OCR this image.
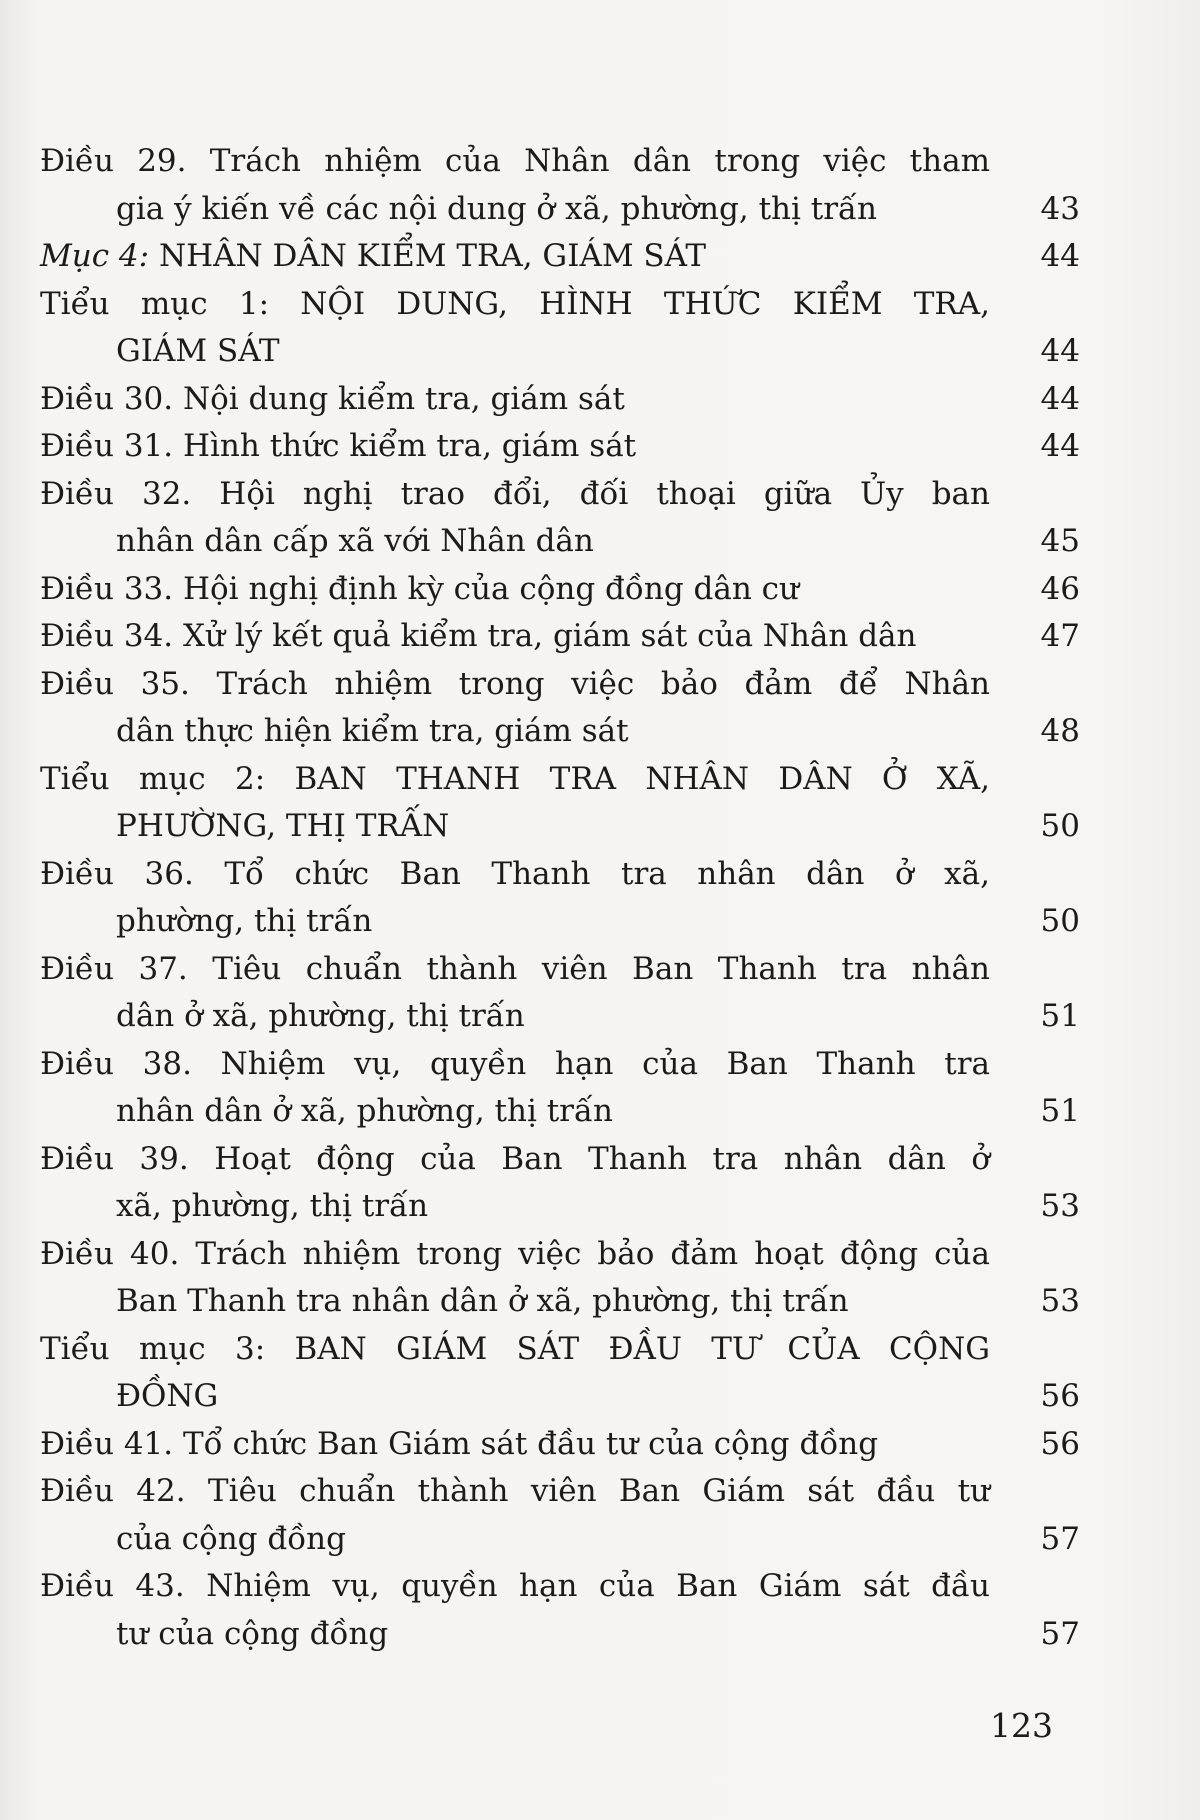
Điều 29. Trách nhiệm của Nhân dân trong việc tham
gia ý kiến về các nội dung ở xã, phường, thị trấn	43
Mục 4: NHÂN DÂN KIỂM TRA, GIÁM SÁT	44
Tiểu mục 1: NỘI DUNG, HÌNH THỨC KIỂM TRA,
GIÁM SÁT	44
Điều 30. Nội dung kiểm tra, giám sát	44
Điều 31. Hình thức kiểm tra, giám sát	44
Điều 32. Hội nghị trao đổi, đối thoại giữa Ủy ban
nhân dân cấp xã với Nhân dân	45
Điều 33. Hội nghị định kỳ của cộng đồng dân cư	46
Điều 34. Xử lý kết quả kiểm tra, giám sát của Nhân dân	47
Điều 35. Trách nhiệm trong việc bảo đảm để Nhân
dân thực hiện kiểm tra, giám sát	48
Tiểu mục 2: BAN THANH TRA NHÂN DÂN Ở XÃ,
PHƯỜNG, THỊ TRẤN	50
Điều 36. Tổ chức Ban Thanh tra nhân dân ở xã,
phường, thị trấn	50
Điều 37. Tiêu chuẩn thành viên Ban Thanh tra nhân
dân ở xã, phường, thị trấn	51
Điều 38. Nhiệm vụ, quyền hạn của Ban Thanh tra
nhân dân ở xã, phường, thị trấn	51
Điều 39. Hoạt động của Ban Thanh tra nhân dân ở
xã, phường, thị trấn	53
Điều 40. Trách nhiệm trong việc bảo đảm hoạt động của
Ban Thanh tra nhân dân ở xã, phường, thị trấn	53
Tiểu mục 3: BAN GIÁM SÁT ĐẦU TƯ CỦA CỘNG
ĐỒNG	56
Điều 41. Tổ chức Ban Giám sát đầu tư của cộng đồng	56
Điều 42. Tiêu chuẩn thành viên Ban Giám sát đầu tư
của cộng đồng	57
Điều 43. Nhiệm vụ, quyền hạn của Ban Giám sát đầu
tư của cộng đồng	57
123
